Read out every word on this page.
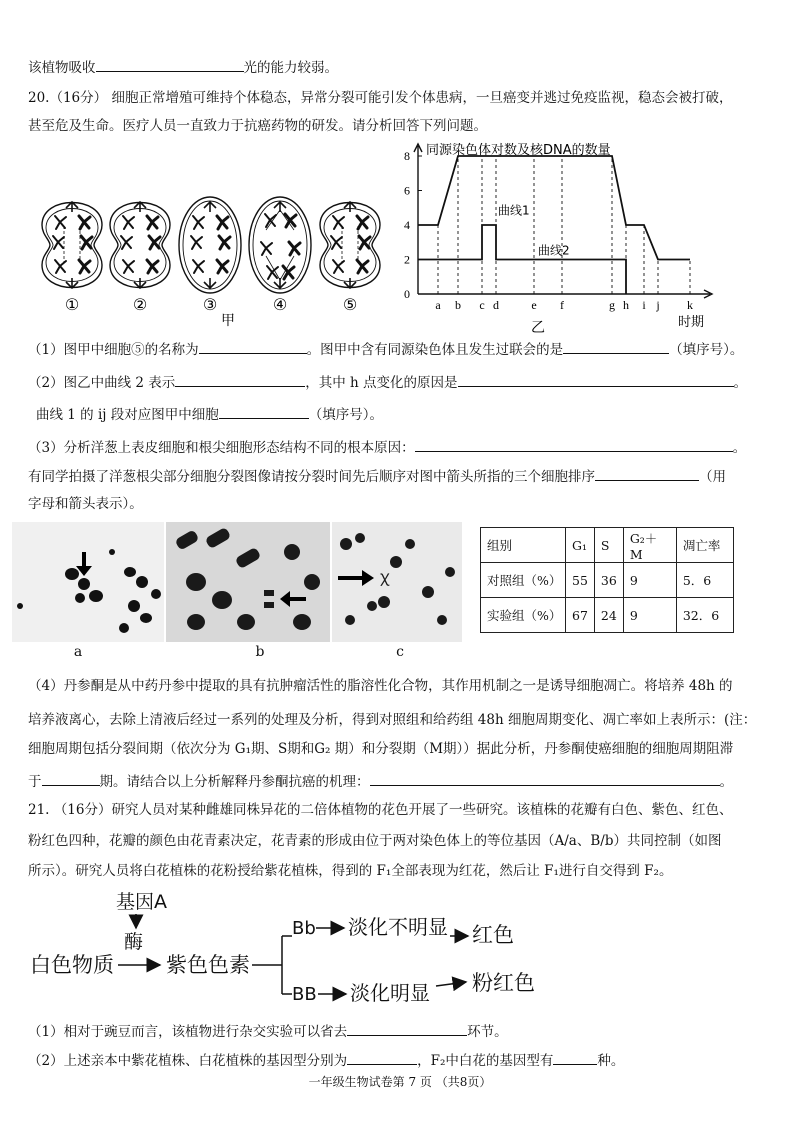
该植物吸收	光的能力较弱。
20.（16分） 细胞正常增殖可维持个体稳态，异常分裂可能引发个体患病，一旦癌变并逃过免疫监视，稳态会被打破，
甚至危及生命。医疗人员一直致力于抗癌药物的研发。请分析回答下列问题。
①	②	③	④	⑤
甲
0
2
4
6
8
a b c d	e f	g h i j k
曲线1
曲线2
同源染色体对数及核DNA的数量
时期
乙
（1）图甲中细胞⑤的名称为	。图甲中含有同源染色体且发生过联会的是	（填序号）。
（2）图乙中曲线 2 表示	，其中 h 点变化的原因是	。
曲线 1 的 ij 段对应图甲中细胞	（填序号）。
（3）分析洋葱上表皮细胞和根尖细胞形态结构不同的根本原因：	。
有同学拍摄了洋葱根尖部分细胞分裂图像请按分裂时间先后顺序对图中箭头所指的三个细胞排序	（用
字母和箭头表示）。
ꭓ
a	b	c
组别	G₁	S	G₂＋M	凋亡率
对照组（%）	55	36	9	5．6
实验组（%）	67	24	9	32．6
（4）丹参酮是从中药丹参中提取的具有抗肿瘤活性的脂溶性化合物，其作用机制之一是诱导细胞凋亡。将培养 48h 的
培养液离心，去除上清液后经过一系列的处理及分析，得到对照组和给药组 48h 细胞周期变化、凋亡率如上表所示：(注：
细胞周期包括分裂间期（依次分为 G₁期、S期和G₂ 期）和分裂期（M期））据此分析，丹参酮使癌细胞的细胞周期阻滞
于	期。请结合以上分析解释丹参酮抗癌的机理：	。
21. （16分）研究人员对某种雌雄同株异花的二倍体植物的花色开展了一些研究。该植株的花瓣有白色、紫色、红色、
粉红色四种，花瓣的颜色由花青素决定，花青素的形成由位于两对染色体上的等位基因（A/a、B/b）共同控制（如图
所示）。研究人员将白花植株的花粉授给紫花植株，得到的 F₁全部表现为红花，然后让 F₁进行自交得到 F₂。
基因A
酶
白色物质 紫色色素
Bb 淡化不明显 红色
BB 淡化明显 粉红色
（1）相对于豌豆而言，该植物进行杂交实验可以省去	环节。
（2）上述亲本中紫花植株、白花植株的基因型分别为	，F₂中白花的基因型有	种。
一年级生物试卷第 7 页 （共8页）
